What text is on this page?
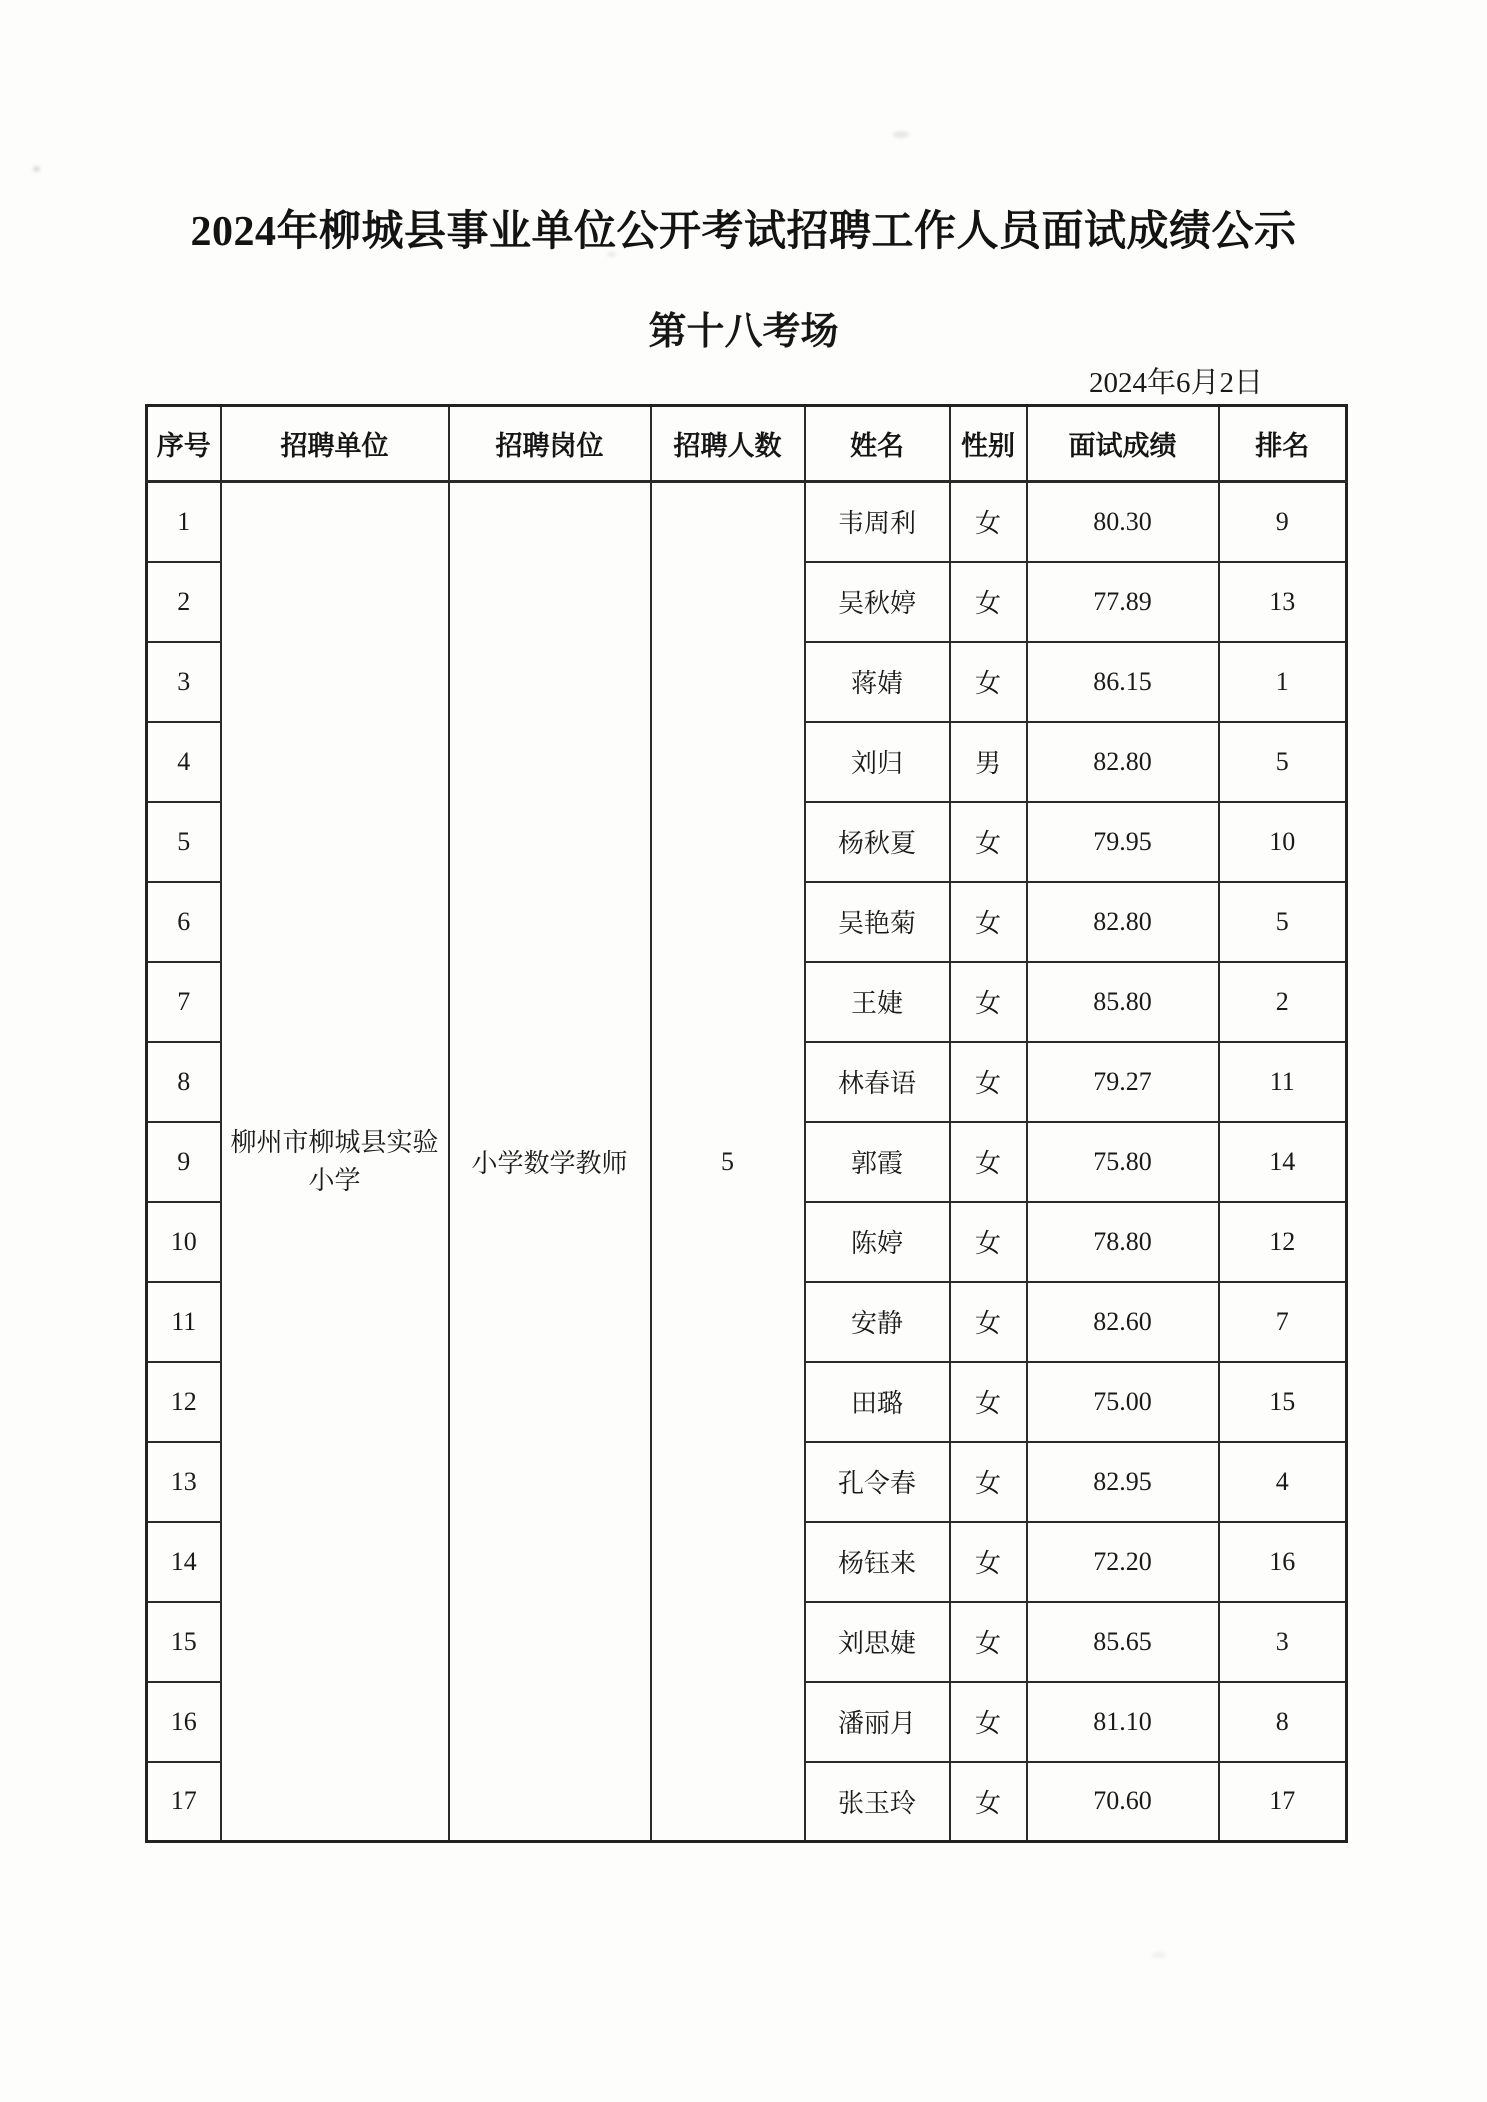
2024年柳城县事业单位公开考试招聘工作人员面试成绩公示
第十八考场
2024年6月2日
序号	招聘单位	招聘岗位	招聘人数	姓名	性别	面试成绩	排名
1	柳州市柳城县实验小学	小学数学教师	5	韦周利	女	80.30	9
2				吴秋婷	女	77.89	13
3				蒋婧	女	86.15	1
4				刘归	男	82.80	5
5				杨秋夏	女	79.95	10
6				吴艳菊	女	82.80	5
7				王婕	女	85.80	2
8				林春语	女	79.27	11
9				郭霞	女	75.80	14
10				陈婷	女	78.80	12
11				安静	女	82.60	7
12				田璐	女	75.00	15
13				孔令春	女	82.95	4
14				杨钰来	女	72.20	16
15				刘思婕	女	85.65	3
16				潘丽月	女	81.10	8
17				张玉玲	女	70.60	17
